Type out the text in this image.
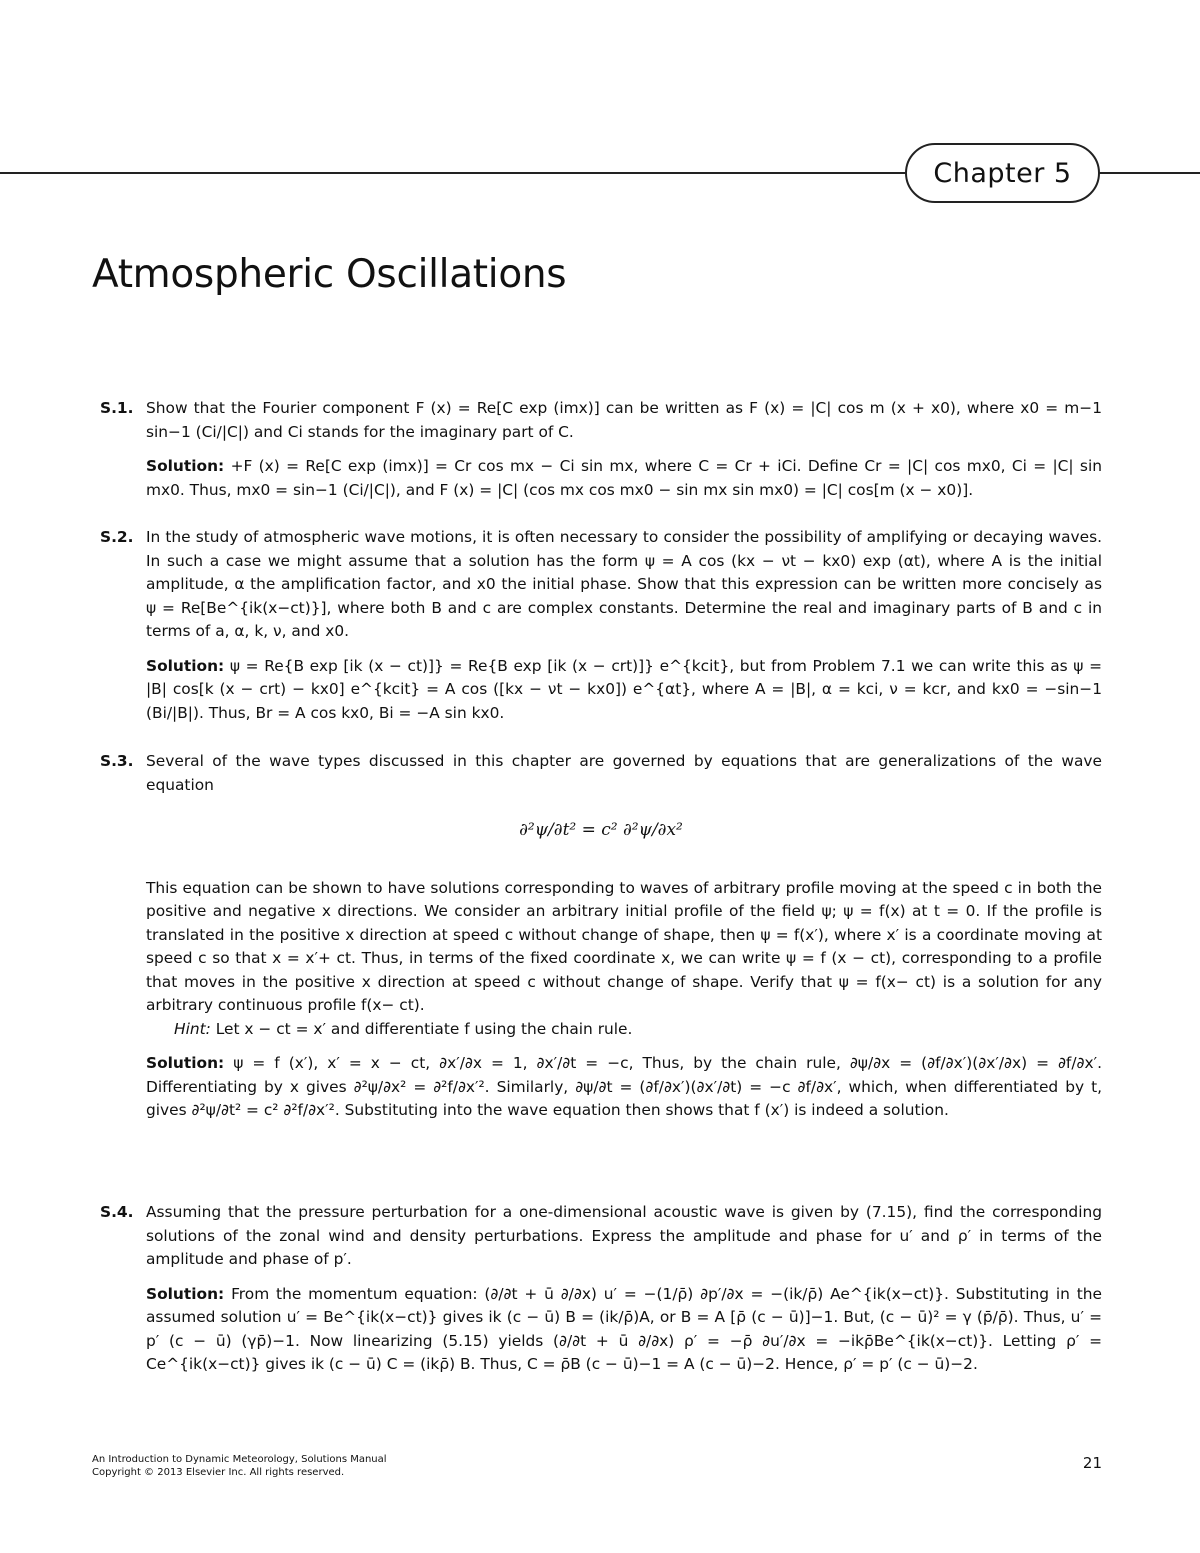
Chapter 5
Atmospheric Oscillations
S.1. Show that the Fourier component F (x) = Re[C exp (imx)] can be written as F (x) = |C| cos m (x + x0), where x0 = m−1 sin−1 (Ci/|C|) and Ci stands for the imaginary part of C.

Solution: +F (x) = Re[C exp (imx)] = Cr cos mx − Ci sin mx, where C = Cr + iCi. Define Cr = |C| cos mx0, Ci = |C| sin mx0. Thus, mx0 = sin−1 (Ci/|C|), and F (x) = |C| (cos mx cos mx0 − sin mx sin mx0) = |C| cos[m (x − x0)].

S.2. In the study of atmospheric wave motions, it is often necessary to consider the possibility of amplifying or decaying waves. In such a case we might assume that a solution has the form ψ = A cos (kx − νt − kx0) exp (αt), where A is the initial amplitude, α the amplification factor, and x0 the initial phase. Show that this expression can be written more concisely as ψ = Re[Be^{ik(x−ct)}], where both B and c are complex constants. Determine the real and imaginary parts of B and c in terms of a, α, k, ν, and x0.

Solution: ψ = Re{B exp [ik (x − ct)]} = Re{B exp [ik (x − crt)]} e^{kcit}, but from Problem 7.1 we can write this as ψ = |B| cos[k (x − crt) − kx0] e^{kcit} = A cos ([kx − νt − kx0]) e^{αt}, where A = |B|, α = kci, ν = kcr, and kx0 = −sin−1 (Bi/|B|). Thus, Br = A cos kx0, Bi = −A sin kx0.

S.3. Several of the wave types discussed in this chapter are governed by equations that are generalizations of the wave equation

∂²ψ/∂t² = c² ∂²ψ/∂x²

This equation can be shown to have solutions corresponding to waves of arbitrary profile moving at the speed c in both the positive and negative x directions. We consider an arbitrary initial profile of the field ψ; ψ = f(x) at t = 0. If the profile is translated in the positive x direction at speed c without change of shape, then ψ = f(x′), where x′ is a coordinate moving at speed c so that x = x′+ ct. Thus, in terms of the fixed coordinate x, we can write ψ = f (x − ct), corresponding to a profile that moves in the positive x direction at speed c without change of shape. Verify that ψ = f(x− ct) is a solution for any arbitrary continuous profile f(x− ct).

Hint: Let x − ct = x′ and differentiate f using the chain rule.

Solution: ψ = f (x′), x′ = x − ct, ∂x′/∂x = 1, ∂x′/∂t = −c, Thus, by the chain rule, ∂ψ/∂x = (∂f/∂x′)(∂x′/∂x) = ∂f/∂x′. Differentiating by x gives ∂²ψ/∂x² = ∂²f/∂x′². Similarly, ∂ψ/∂t = (∂f/∂x′)(∂x′/∂t) = −c ∂f/∂x′, which, when differentiated by t, gives ∂²ψ/∂t² = c² ∂²f/∂x′². Substituting into the wave equation then shows that f (x′) is indeed a solution.

S.4. Assuming that the pressure perturbation for a one-dimensional acoustic wave is given by (7.15), find the corresponding solutions of the zonal wind and density perturbations. Express the amplitude and phase for u′ and ρ′ in terms of the amplitude and phase of p′.

Solution: From the momentum equation: (∂/∂t + ū ∂/∂x) u′ = −(1/ρ̄) ∂p′/∂x = −(ik/ρ̄) Ae^{ik(x−ct)}. Substituting in the assumed solution u′ = Be^{ik(x−ct)} gives ik (c − ū) B = (ik/ρ̄)A, or B = A [ρ̄ (c − ū)]−1. But, (c − ū)² = γ (p̄/ρ̄). Thus, u′ = p′ (c − ū) (γp̄)−1. Now linearizing (5.15) yields (∂/∂t + ū ∂/∂x) ρ′ = −ρ̄ ∂u′/∂x = −ikρ̄Be^{ik(x−ct)}. Letting ρ′ = Ce^{ik(x−ct)} gives ik (c − ū) C = (ikρ̄) B. Thus, C = ρ̄B (c − ū)−1 = A (c − ū)−2. Hence, ρ′ = p′ (c − ū)−2.

An Introduction to Dynamic Meteorology, Solutions Manual
Copyright © 2013 Elsevier Inc. All rights reserved.
21
